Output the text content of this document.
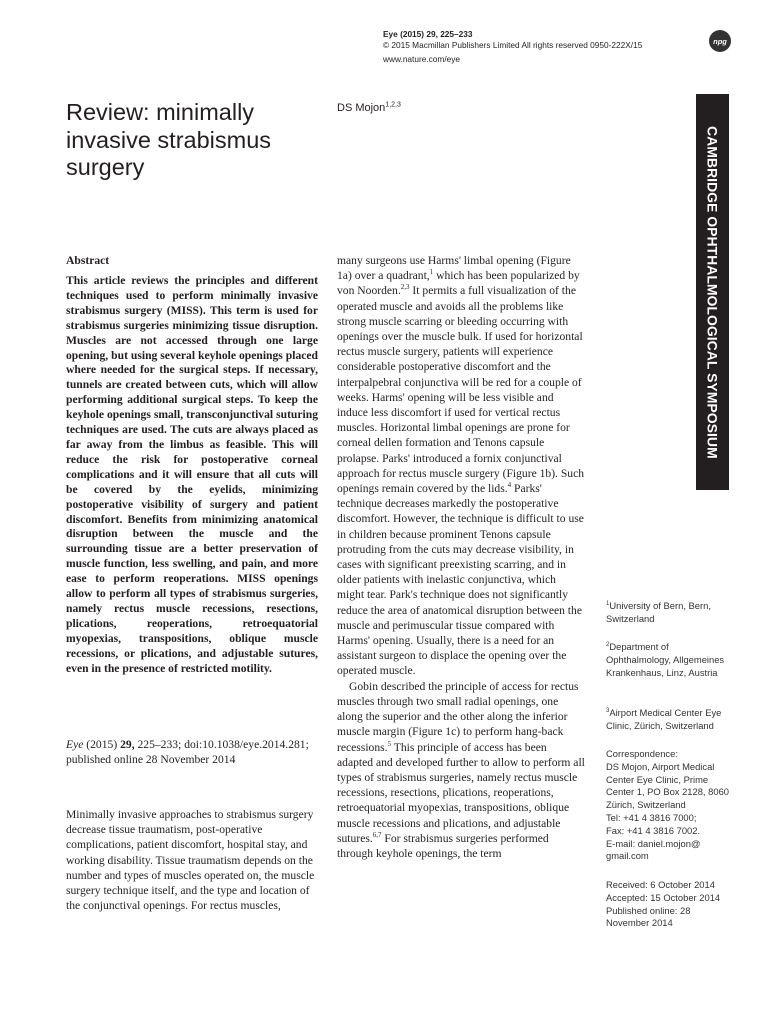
Eye (2015) 29, 225–233
© 2015 Macmillan Publishers Limited All rights reserved 0950-222X/15
www.nature.com/eye
npg
Review: minimally invasive strabismus surgery
DS Mojon$^{1,2,3}$
CAMBRIDGE OPHTHALMOLOGICAL SYMPOSIUM
Abstract
This article reviews the principles and different techniques used to perform minimally invasive strabismus surgery (MISS). This term is used for strabismus surgeries minimizing tissue disruption. Muscles are not accessed through one large opening, but using several keyhole openings placed where needed for the surgical steps. If necessary, tunnels are created between cuts, which will allow performing additional surgical steps. To keep the keyhole openings small, transconjunctival suturing techniques are used. The cuts are always placed as far away from the limbus as feasible. This will reduce the risk for postoperative corneal complications and it will ensure that all cuts will be covered by the eyelids, minimizing postoperative visibility of surgery and patient discomfort. Benefits from minimizing anatomical disruption between the muscle and the surrounding tissue are a better preservation of muscle function, less swelling, and pain, and more ease to perform reoperations. MISS openings allow to perform all types of strabismus surgeries, namely rectus muscle recessions, resections, plications, reoperations, retroequatorial myopexias, transpositions, oblique muscle recessions, or plications, and adjustable sutures, even in the presence of restricted motility.
Eye (2015) 29, 225–233; doi:10.1038/eye.2014.281; published online 28 November 2014
Minimally invasive approaches to strabismus surgery decrease tissue traumatism, post-operative complications, patient discomfort, hospital stay, and working disability. Tissue traumatism depends on the number and types of muscles operated on, the muscle surgery technique itself, and the type and location of the conjunctival openings. For rectus muscles,

many surgeons use Harms' limbal opening (Figure 1a) over a quadrant,$^1$ which has been popularized by von Noorden.$^{2,3}$ It permits a full visualization of the operated muscle and avoids all the problems like strong muscle scarring or bleeding occurring with openings over the muscle bulk. If used for horizontal rectus muscle surgery, patients will experience considerable postoperative discomfort and the interpalpebral conjunctiva will be red for a couple of weeks. Harms' opening will be less visible and induce less discomfort if used for vertical rectus muscles. Horizontal limbal openings are prone for corneal dellen formation and Tenons capsule prolapse. Parks' introduced a fornix conjunctival approach for rectus muscle surgery (Figure 1b). Such openings remain covered by the lids.$^4$ Parks' technique decreases markedly the postoperative discomfort. However, the technique is difficult to use in children because prominent Tenons capsule protruding from the cuts may decrease visibility, in cases with significant preexisting scarring, and in older patients with inelastic conjunctiva, which might tear. Park's technique does not significantly reduce the area of anatomical disruption between the muscle and perimuscular tissue compared with Harms' opening. Usually, there is a need for an assistant surgeon to displace the opening over the operated muscle.

Gobin described the principle of access for rectus muscles through two small radial openings, one along the superior and the other along the inferior muscle margin (Figure 1c) to perform hang-back recessions.$^5$ This principle of access has been adapted and developed further to allow to perform all types of strabismus surgeries, namely rectus muscle recessions, resections, plications, reoperations, retroequatorial myopexias, transpositions, oblique muscle recessions and plications, and adjustable sutures.$^{6,7}$ For strabismus surgeries performed through keyhole openings, the term

$^1$University of Bern, Bern, Switzerland
$^2$Department of Ophthalmology, Allgemeines Krankenhaus, Linz, Austria
$^3$Airport Medical Center Eye Clinic, Zürich, Switzerland
Correspondence:
DS Mojon, Airport Medical Center Eye Clinic, Prime Center 1, PO Box 2128, 8060 Zürich, Switzerland
Tel: +41 4 3816 7000;
Fax: +41 4 3816 7002.
E-mail: daniel.mojon@ gmail.com
Received: 6 October 2014
Accepted: 15 October 2014
Published online: 28 November 2014
